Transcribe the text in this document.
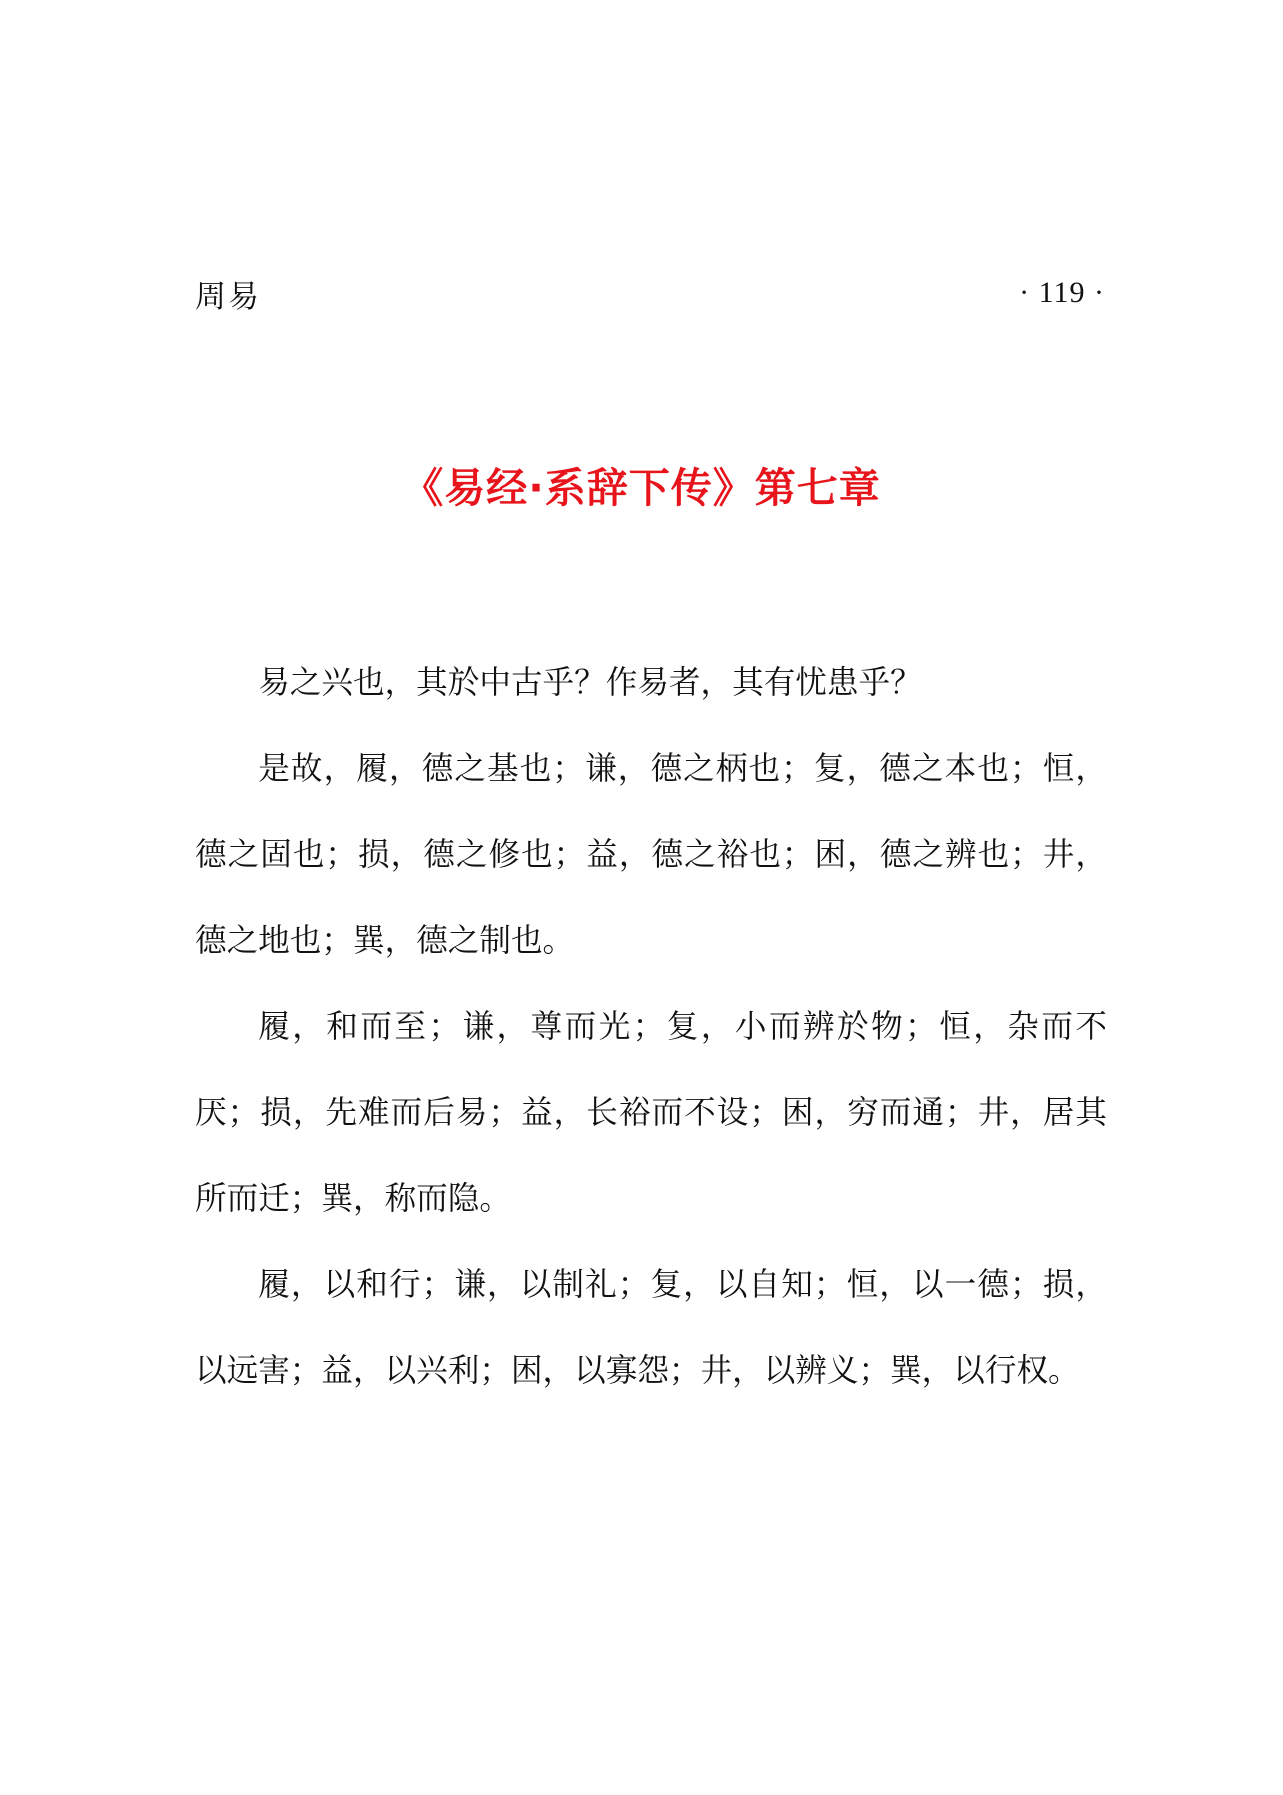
周易	· 119 ·
《易经·系辞下传》第七章

易之兴也，其於中古乎？作易者，其有忧患乎？

是故，履，德之基也；谦，德之柄也；复，德之本也；恒，德之固也；损，德之修也；益，德之裕也；困，德之辨也；井，德之地也；巽，德之制也。

履，和而至；谦，尊而光；复，小而辨於物；恒，杂而不厌；损，先难而后易；益，长裕而不设；困，穷而通；井，居其所而迁；巽，称而隐。

履，以和行；谦，以制礼；复，以自知；恒，以一德；损，以远害；益，以兴利；困，以寡怨；井，以辨义；巽，以行权。
